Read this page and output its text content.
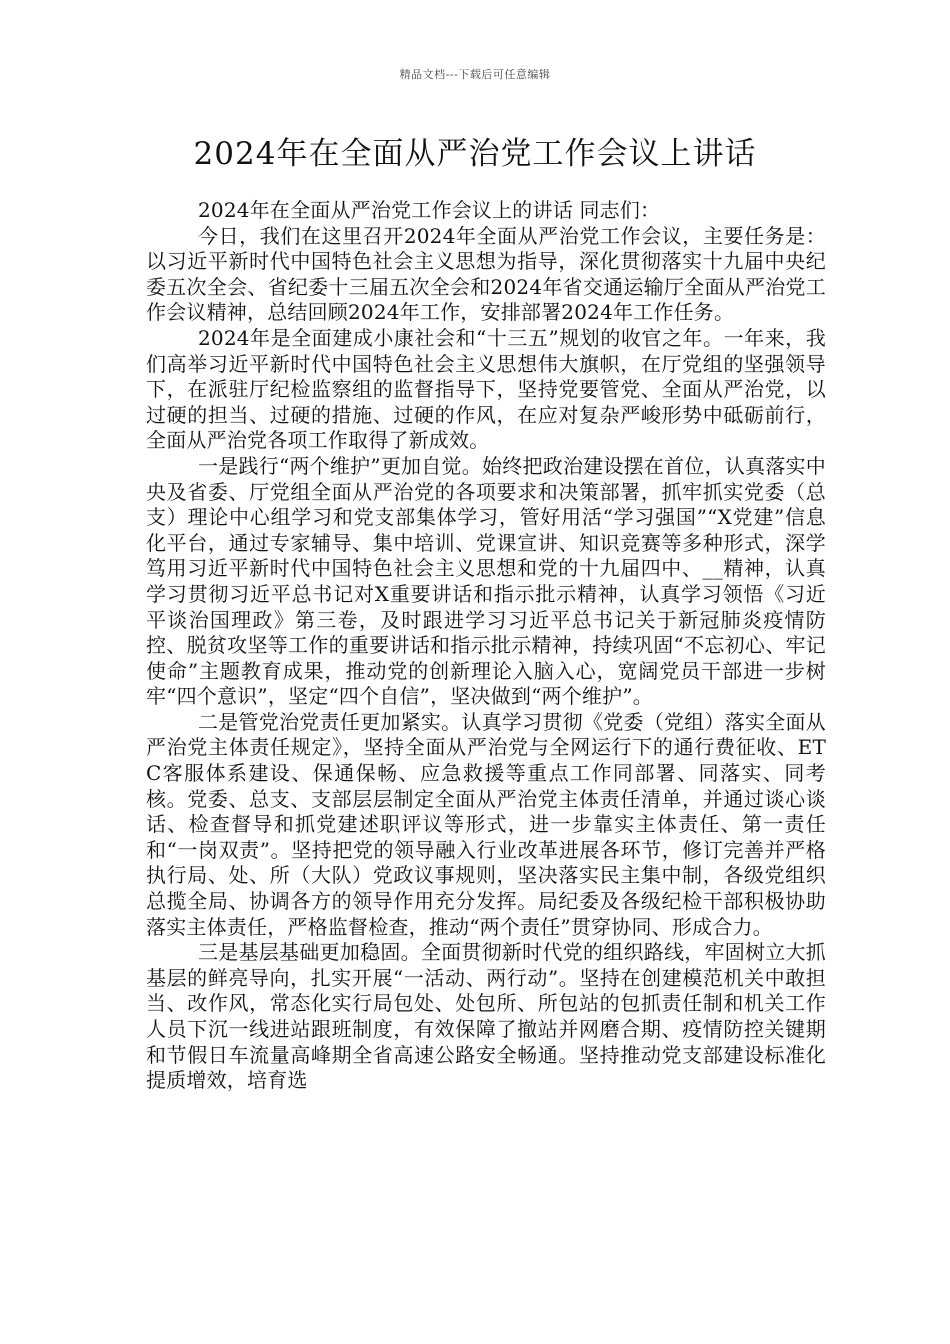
精品文档---下载后可任意编辑
2024年在全面从严治党工作会议上讲话

2024年在全面从严治党工作会议上的讲话 同志们：

今日，我们在这里召开2024年全面从严治党工作会议，主要任务是：以习近平新时代中国特色社会主义思想为指导，深化贯彻落实十九届中央纪委五次全会、省纪委十三届五次全会和2024年省交通运输厅全面从严治党工作会议精神，总结回顾2024年工作，安排部署2024年工作任务。

2024年是全面建成小康社会和“十三五”规划的收官之年。一年来，我们高举习近平新时代中国特色社会主义思想伟大旗帜，在厅党组的坚强领导下，在派驻厅纪检监察组的监督指导下，坚持党要管党、全面从严治党，以过硬的担当、过硬的措施、过硬的作风，在应对复杂严峻形势中砥砺前行，全面从严治党各项工作取得了新成效。

一是践行“两个维护”更加自觉。始终把政治建设摆在首位，认真落实中央及省委、厅党组全面从严治党的各项要求和决策部署，抓牢抓实党委（总支）理论中心组学习和党支部集体学习，管好用活“学习强国”“X党建”信息化平台，通过专家辅导、集中培训、党课宣讲、知识竞赛等多种形式，深学笃用习近平新时代中国特色社会主义思想和党的十九届四中、__精神，认真学习贯彻习近平总书记对X重要讲话和指示批示精神，认真学习领悟《习近平谈治国理政》第三卷，及时跟进学习习近平总书记关于新冠肺炎疫情防控、脱贫攻坚等工作的重要讲话和指示批示精神，持续巩固“不忘初心、牢记使命”主题教育成果，推动党的创新理论入脑入心，宽阔党员干部进一步树牢“四个意识”，坚定“四个自信”，坚决做到“两个维护”。

二是管党治党责任更加紧实。认真学习贯彻《党委（党组）落实全面从严治党主体责任规定》，坚持全面从严治党与全网运行下的通行费征收、ETC客服体系建设、保通保畅、应急救援等重点工作同部署、同落实、同考核。党委、总支、支部层层制定全面从严治党主体责任清单，并通过谈心谈话、检查督导和抓党建述职评议等形式，进一步靠实主体责任、第一责任和“一岗双责”。坚持把党的领导融入行业改革进展各环节，修订完善并严格执行局、处、所（大队）党政议事规则，坚决落实民主集中制，各级党组织总揽全局、协调各方的领导作用充分发挥。局纪委及各级纪检干部积极协助落实主体责任，严格监督检查，推动“两个责任”贯穿协同、形成合力。

三是基层基础更加稳固。全面贯彻新时代党的组织路线，牢固树立大抓基层的鲜亮导向，扎实开展“一活动、两行动”。坚持在创建模范机关中敢担当、改作风，常态化实行局包处、处包所、所包站的包抓责任制和机关工作人员下沉一线进站跟班制度，有效保障了撤站并网磨合期、疫情防控关键期和节假日车流量高峰期全省高速公路安全畅通。坚持推动党支部建设标准化提质增效，培育选
